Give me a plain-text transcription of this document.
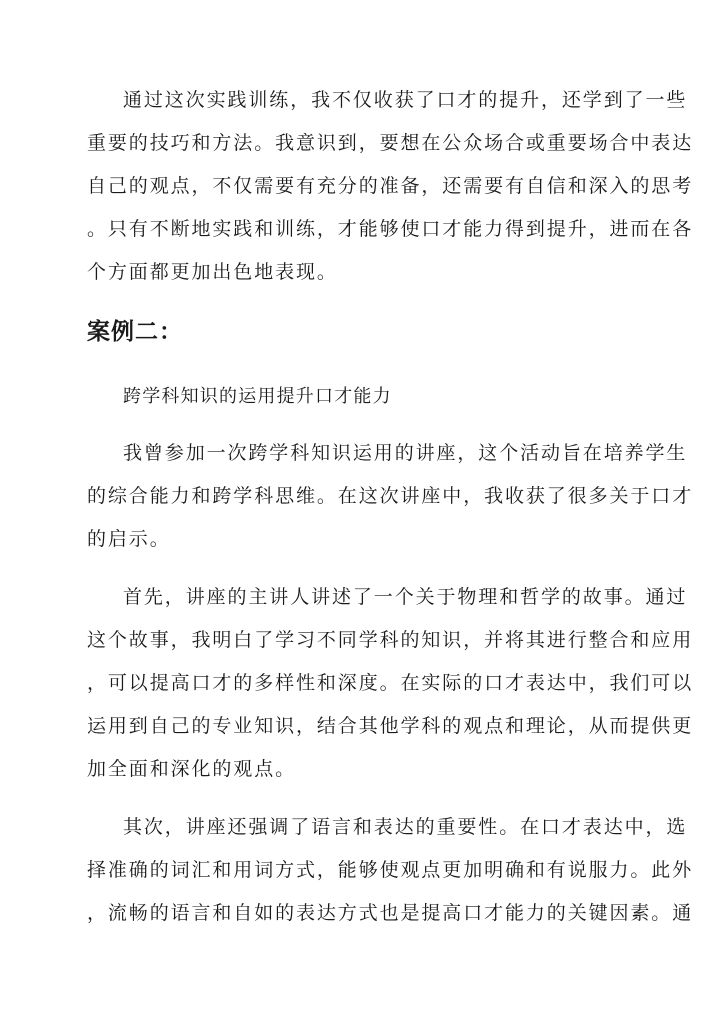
通过这次实践训练，我不仅收获了口才的提升，还学到了一些
重要的技巧和方法。我意识到，要想在公众场合或重要场合中表达
自己的观点，不仅需要有充分的准备，还需要有自信和深入的思考
。只有不断地实践和训练，才能够使口才能力得到提升，进而在各
个方面都更加出色地表现。
案例二：
跨学科知识的运用提升口才能力
我曾参加一次跨学科知识运用的讲座，这个活动旨在培养学生
的综合能力和跨学科思维。在这次讲座中，我收获了很多关于口才
的启示。
首先，讲座的主讲人讲述了一个关于物理和哲学的故事。通过
这个故事，我明白了学习不同学科的知识，并将其进行整合和应用
，可以提高口才的多样性和深度。在实际的口才表达中，我们可以
运用到自己的专业知识，结合其他学科的观点和理论，从而提供更
加全面和深化的观点。
其次，讲座还强调了语言和表达的重要性。在口才表达中，选
择准确的词汇和用词方式，能够使观点更加明确和有说服力。此外
，流畅的语言和自如的表达方式也是提高口才能力的关键因素。通
